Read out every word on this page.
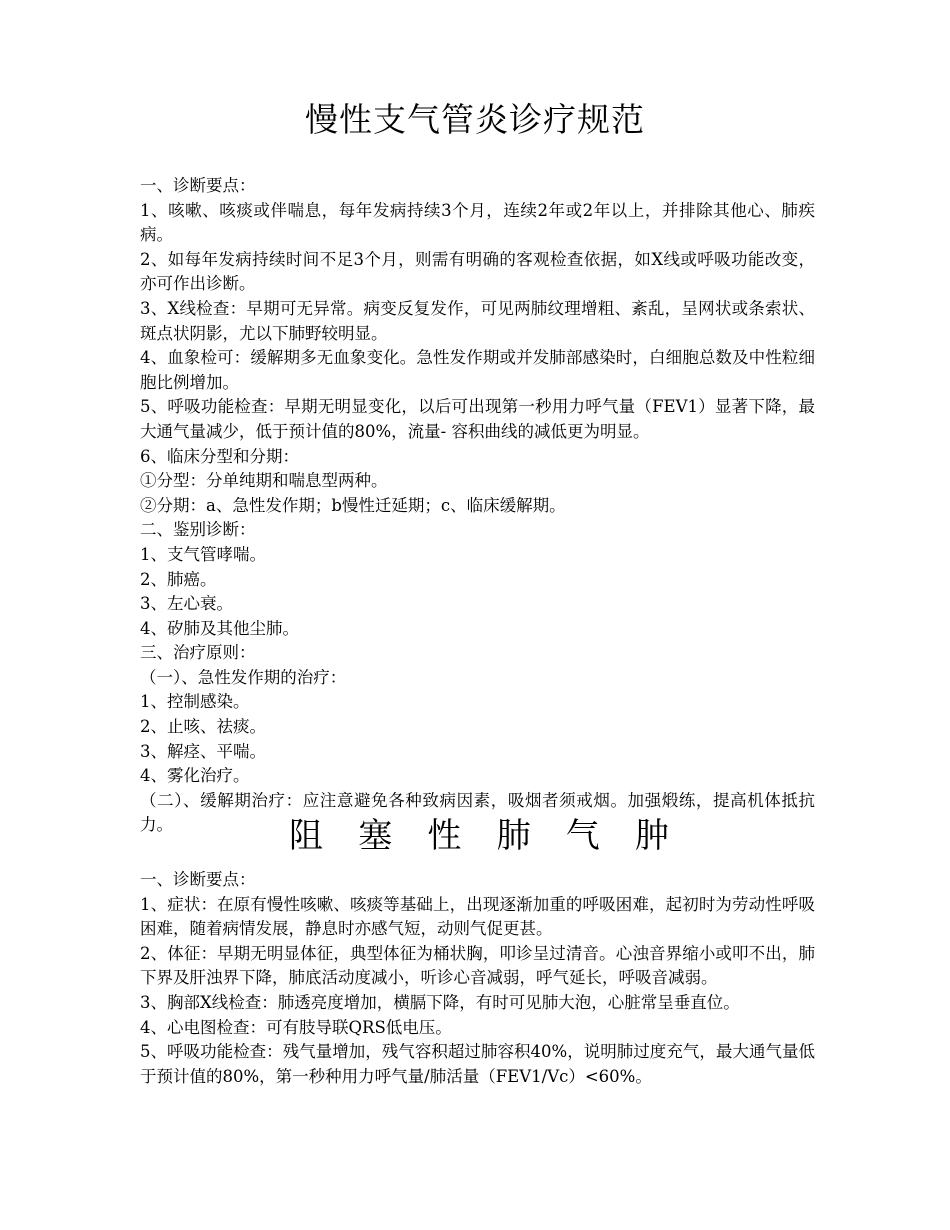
慢性支气管炎诊疗规范

一、诊断要点：

1、咳嗽、咳痰或伴喘息，每年发病持续3个月，连续2年或2年以上，并排除其他心、肺疾病。

2、如每年发病持续时间不足3个月，则需有明确的客观检查依据，如X线或呼吸功能改变，亦可作出诊断。

3、X线检查：早期可无异常。病变反复发作，可见两肺纹理增粗、紊乱，呈网状或条索状、斑点状阴影，尤以下肺野较明显。

4、血象检可：缓解期多无血象变化。急性发作期或并发肺部感染时，白细胞总数及中性粒细胞比例增加。

5、呼吸功能检查：早期无明显变化，以后可出现第一秒用力呼气量（FEV1）显著下降，最大通气量减少，低于预计值的80%，流量- 容积曲线的减低更为明显。

6、临床分型和分期：

①分型：分单纯期和喘息型两种。

②分期：a、急性发作期；b慢性迁延期；c、临床缓解期。

二、鉴别诊断：

1、支气管哮喘。

2、肺癌。

3、左心衰。

4、矽肺及其他尘肺。

三、治疗原则：

（一）、急性发作期的治疗：

1、控制感染。

2、止咳、祛痰。

3、解痉、平喘。

4、雾化治疗。

（二）、缓解期治疗：应注意避免各种致病因素，吸烟者须戒烟。加强煅练，提高机体抵抗力。	阻 塞 性 肺 气 肿

一、诊断要点：

1、症状：在原有慢性咳嗽、咳痰等基础上，出现逐渐加重的呼吸困难，起初时为劳动性呼吸困难，随着病情发展，静息时亦感气短，动则气促更甚。

2、体征：早期无明显体征，典型体征为桶状胸，叩诊呈过清音。心浊音界缩小或叩不出，肺下界及肝浊界下降，肺底活动度减小，听诊心音减弱，呼气延长，呼吸音减弱。

3、胸部X线检查：肺透亮度增加，横膈下降，有时可见肺大泡，心脏常呈垂直位。

4、心电图检查：可有肢导联QRS低电压。

5、呼吸功能检查：残气量增加，残气容积超过肺容积40%，说明肺过度充气，最大通气量低于预计值的80%，第一秒种用力呼气量/肺活量（FEV1/Vc）<60%。
